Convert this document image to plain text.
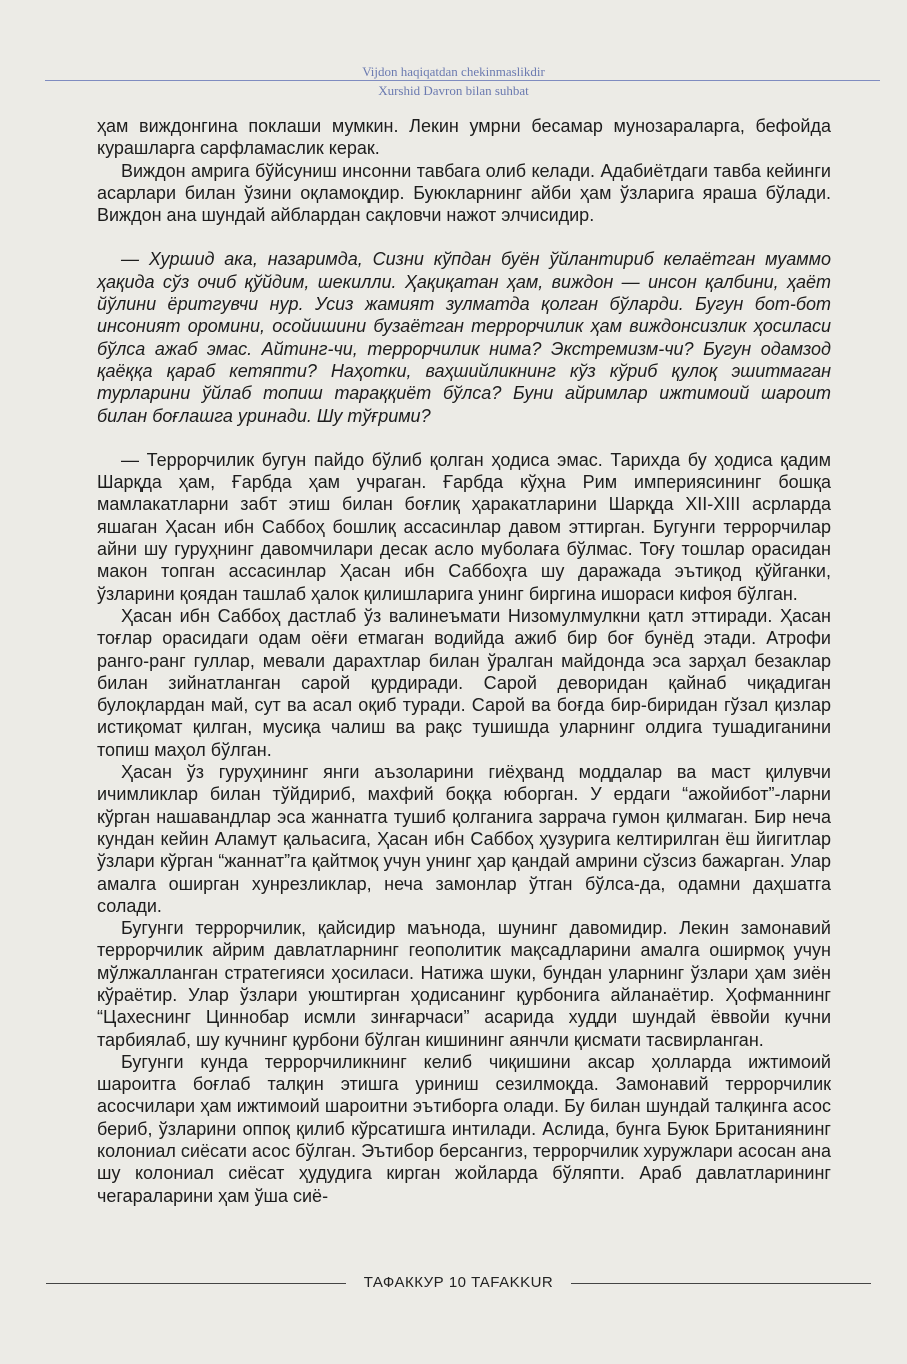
Vijdon haqiqatdan chekinmaslikdir
Xurshid Davron bilan suhbat

ҳам виждонгина поклаши мумкин. Лекин умрни бесамар мунозараларга, бефойда курашларга сарфламаслик керак.

Виждон амрига бўйсуниш инсонни тавбага олиб келади. Адабиётдаги тавба кейинги асарлари билан ўзини оқламоқдир. Буюкларнинг айби ҳам ўзларига яраша бўлади. Виждон ана шундай айблардан сақловчи нажот элчисидир.

— Хуршид ака, назаримда, Сизни кўпдан буён ўйлантириб келаётган муаммо ҳақида сўз очиб қўйдим, шекилли. Ҳақиқатан ҳам, виждон — инсон қалбини, ҳаёт йўлини ёритгувчи нур. Усиз жамият зулматда қолган бўларди. Бугун бот-бот инсоният оромини, осойишини бузаётган террорчилик ҳам виждонсизлик ҳосиласи бўлса ажаб эмас. Айтинг-чи, террорчилик нима? Экстремизм-чи? Бугун одамзод қаёққа қараб кетяпти? Наҳотки, ваҳшийликнинг кўз кўриб қулоқ эшитмаган турларини ўйлаб топиш тараққиёт бўлса? Буни айримлар ижтимоий шароит билан боғлашга уринади. Шу тўғрими?

— Террорчилик бугун пайдо бўлиб қолган ҳодиса эмас. Тарихда бу ҳодиса қадим Шарқда ҳам, Ғарбда ҳам учраган. Ғарбда кўҳна Рим империясининг бошқа мамлакатларни забт этиш билан боғлиқ ҳаракатларини Шарқда XII-XIII асрларда яшаган Ҳасан ибн Саббоҳ бошлиқ ассасинлар давом эттирган. Бугунги террорчилар айни шу гуруҳнинг давомчилари десак асло муболаға бўлмас. Тоғу тошлар орасидан макон топган ассасинлар Ҳасан ибн Саббоҳга шу даражада эътиқод қўйганки, ўзларини қоядан ташлаб ҳалок қилишларига унинг биргина ишораси кифоя бўлган.

Ҳасан ибн Саббоҳ дастлаб ўз валинеъмати Низомулмулкни қатл эттиради. Ҳасан тоғлар орасидаги одам оёғи етмаган водийда ажиб бир боғ бунёд этади. Атрофи ранго-ранг гуллар, мевали дарахтлар билан ўралган майдонда эса зарҳал безаклар билан зийнатланган сарой қурдиради. Сарой деворидан қайнаб чиқадиган булоқлардан май, сут ва асал оқиб туради. Сарой ва боғда бир-биридан гўзал қизлар истиқомат қилган, мусиқа чалиш ва рақс тушишда уларнинг олдига тушадиганини топиш маҳол бўлган.

Ҳасан ўз гуруҳининг янги аъзоларини гиёҳванд моддалар ва маст қилувчи ичимликлар билан тўйдириб, махфий боққа юборган. У ердаги “ажойибот”-ларни кўрган нашавандлар эса жаннатга тушиб қолганига заррача гумон қилмаган. Бир неча кундан кейин Аламут қальасига, Ҳасан ибн Саббоҳ ҳузурига келтирилган ёш йигитлар ўзлари кўрган “жаннат”га қайтмоқ учун унинг ҳар қандай амрини сўзсиз бажарган. Улар амалга оширган хунрезликлар, неча замонлар ўтган бўлса-да, одамни даҳшатга солади.

Бугунги террорчилик, қайсидир маънода, шунинг давомидир. Лекин замонавий террорчилик айрим давлатларнинг геополитик мақсадларини амалга оширмоқ учун мўлжалланган стратегияси ҳосиласи. Натижа шуки, бундан уларнинг ўзлари ҳам зиён кўраётир. Улар ўзлари уюштирган ҳодисанинг қурбонига айланаётир. Ҳофманнинг “Цахеснинг Циннобар исмли зинғарчаси” асарида худди шундай ёввойи кучни тарбиялаб, шу кучнинг қурбони бўлган кишининг аянчли қисмати тасвирланган.

Бугунги кунда террорчиликнинг келиб чиқишини аксар ҳолларда ижтимоий шароитга боғлаб талқин этишга уриниш сезилмоқда. Замонавий террорчилик асосчилари ҳам ижтимоий шароитни эътиборга олади. Бу билан шундай талқинга асос бериб, ўзларини оппоқ қилиб кўрсатишга интилади. Аслида, бунга Буюк Британиянинг колониал сиёсати асос бўлган. Эътибор берсангиз, террорчилик хуружлари асосан ана шу колониал сиёсат ҳудудига кирган жойларда бўляпти. Араб давлатларининг чегараларини ҳам ўша сиё-

ТАФАККУР 10 TAFAKKUR
